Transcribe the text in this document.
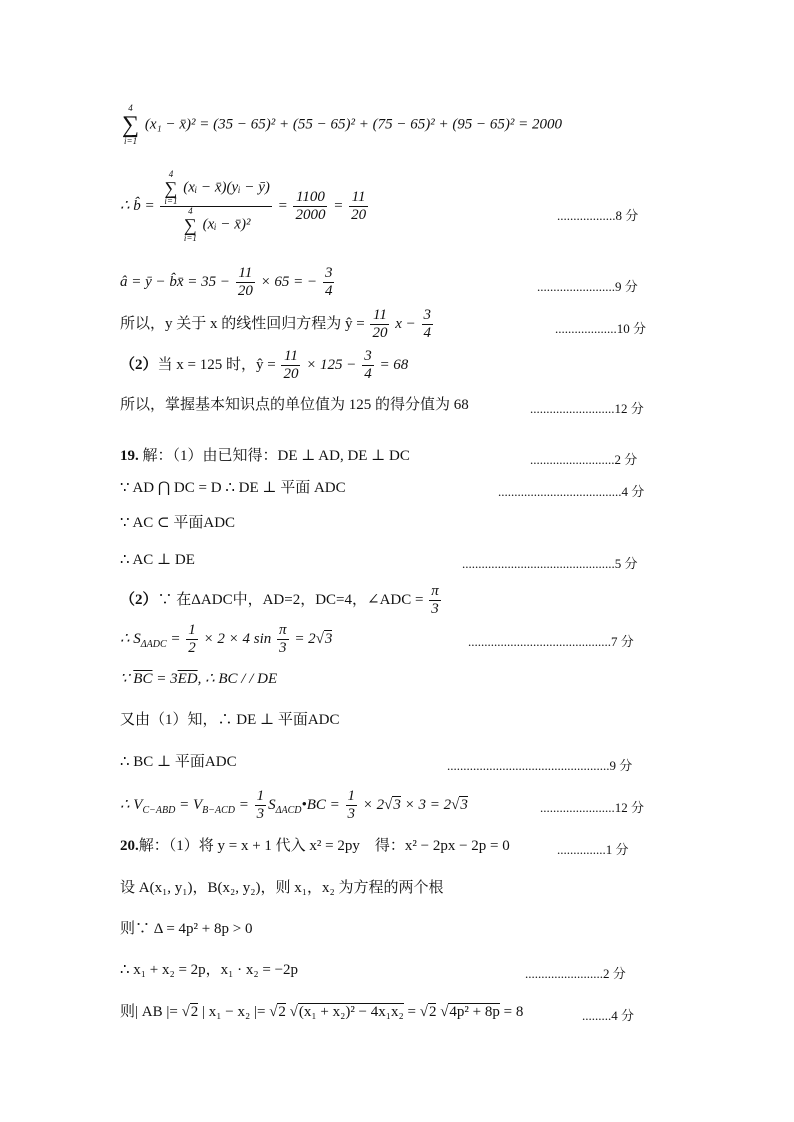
4
∑
i=1
(x₁ − x̄)² = (35 − 65)² + (55 − 65)² + (75 − 65)² + (95 − 65)² = 2000
∴ b̂ = 4
∑
i=1
(xᵢ − x̄)(yᵢ − ȳ)
4
∑
i=1
(xᵢ − x̄)² = $\frac{1100}{2000} = \frac{11}{20}$	..................8 分
â = ȳ − b̂x̄ = $35 - \frac{11}{20} \times 65$ = − $\frac{3}{4}$	........................9 分
所以，y 关于 x 的线性回归方程为 ŷ = $\frac{11}{20}$ $x - \frac{3}{4}$	...................10 分
（2）当 x = 125 时，ŷ = $\frac{11}{20} \times 125 - \frac{3}{4} = 68$
所以，掌握基本知识点的单位值为 125 的得分值为 68	..........................12 分
19. 解：（1）由已知得：DE ⊥ AD, DE ⊥ DC	..........................2 分
∵ AD ⋂ DC = D ∴ DE ⊥ 平面 ADC	......................................4 分
∵ AC ⊂ 平面ADC
∴ AC ⊥ DE	...............................................5 分
（2）∵ 在ΔADC中，AD=2，DC=4，∠ADC = $\frac{\pi}{3}$
∴ $S_{\Delta ADC} = \frac{1}{2} \times 2 \times 4$ $\sin \frac{\pi}{3} = 2√3$	............................................7 分
∵ $\overline{BC} = 3\overline{ED}$, ∴ BC / / DE
又由（1）知，∴ DE ⊥ 平面ADC
∴ BC ⊥ 平面ADC	..................................................9 分
∴ $V_{C-ABD} = V_{B-ACD} = \frac{1}{3}$ $S_{\Delta ACD}•BC = \frac{1}{3} \times 2√3 \times 3 = 2√3$	.......................12 分
20.解：（1）将 y = x + 1 代入 x² = 2py　得：x² − 2px − 2p = 0	...............1 分
设 A(x₁, y₁)，B(x₂, y₂)，则 x₁，x₂ 为方程的两个根
则∵ Δ = 4p² + 8p > 0
∴ x₁ + x₂ = 2p，x₁ · x₂ = −2p	........................2 分
则| AB |= √2 | x₁ − x₂ |= √2 √(x₁ + x₂)² − 4x₁x₂ = √2 √4p² + 8p = 8	.........4 分
